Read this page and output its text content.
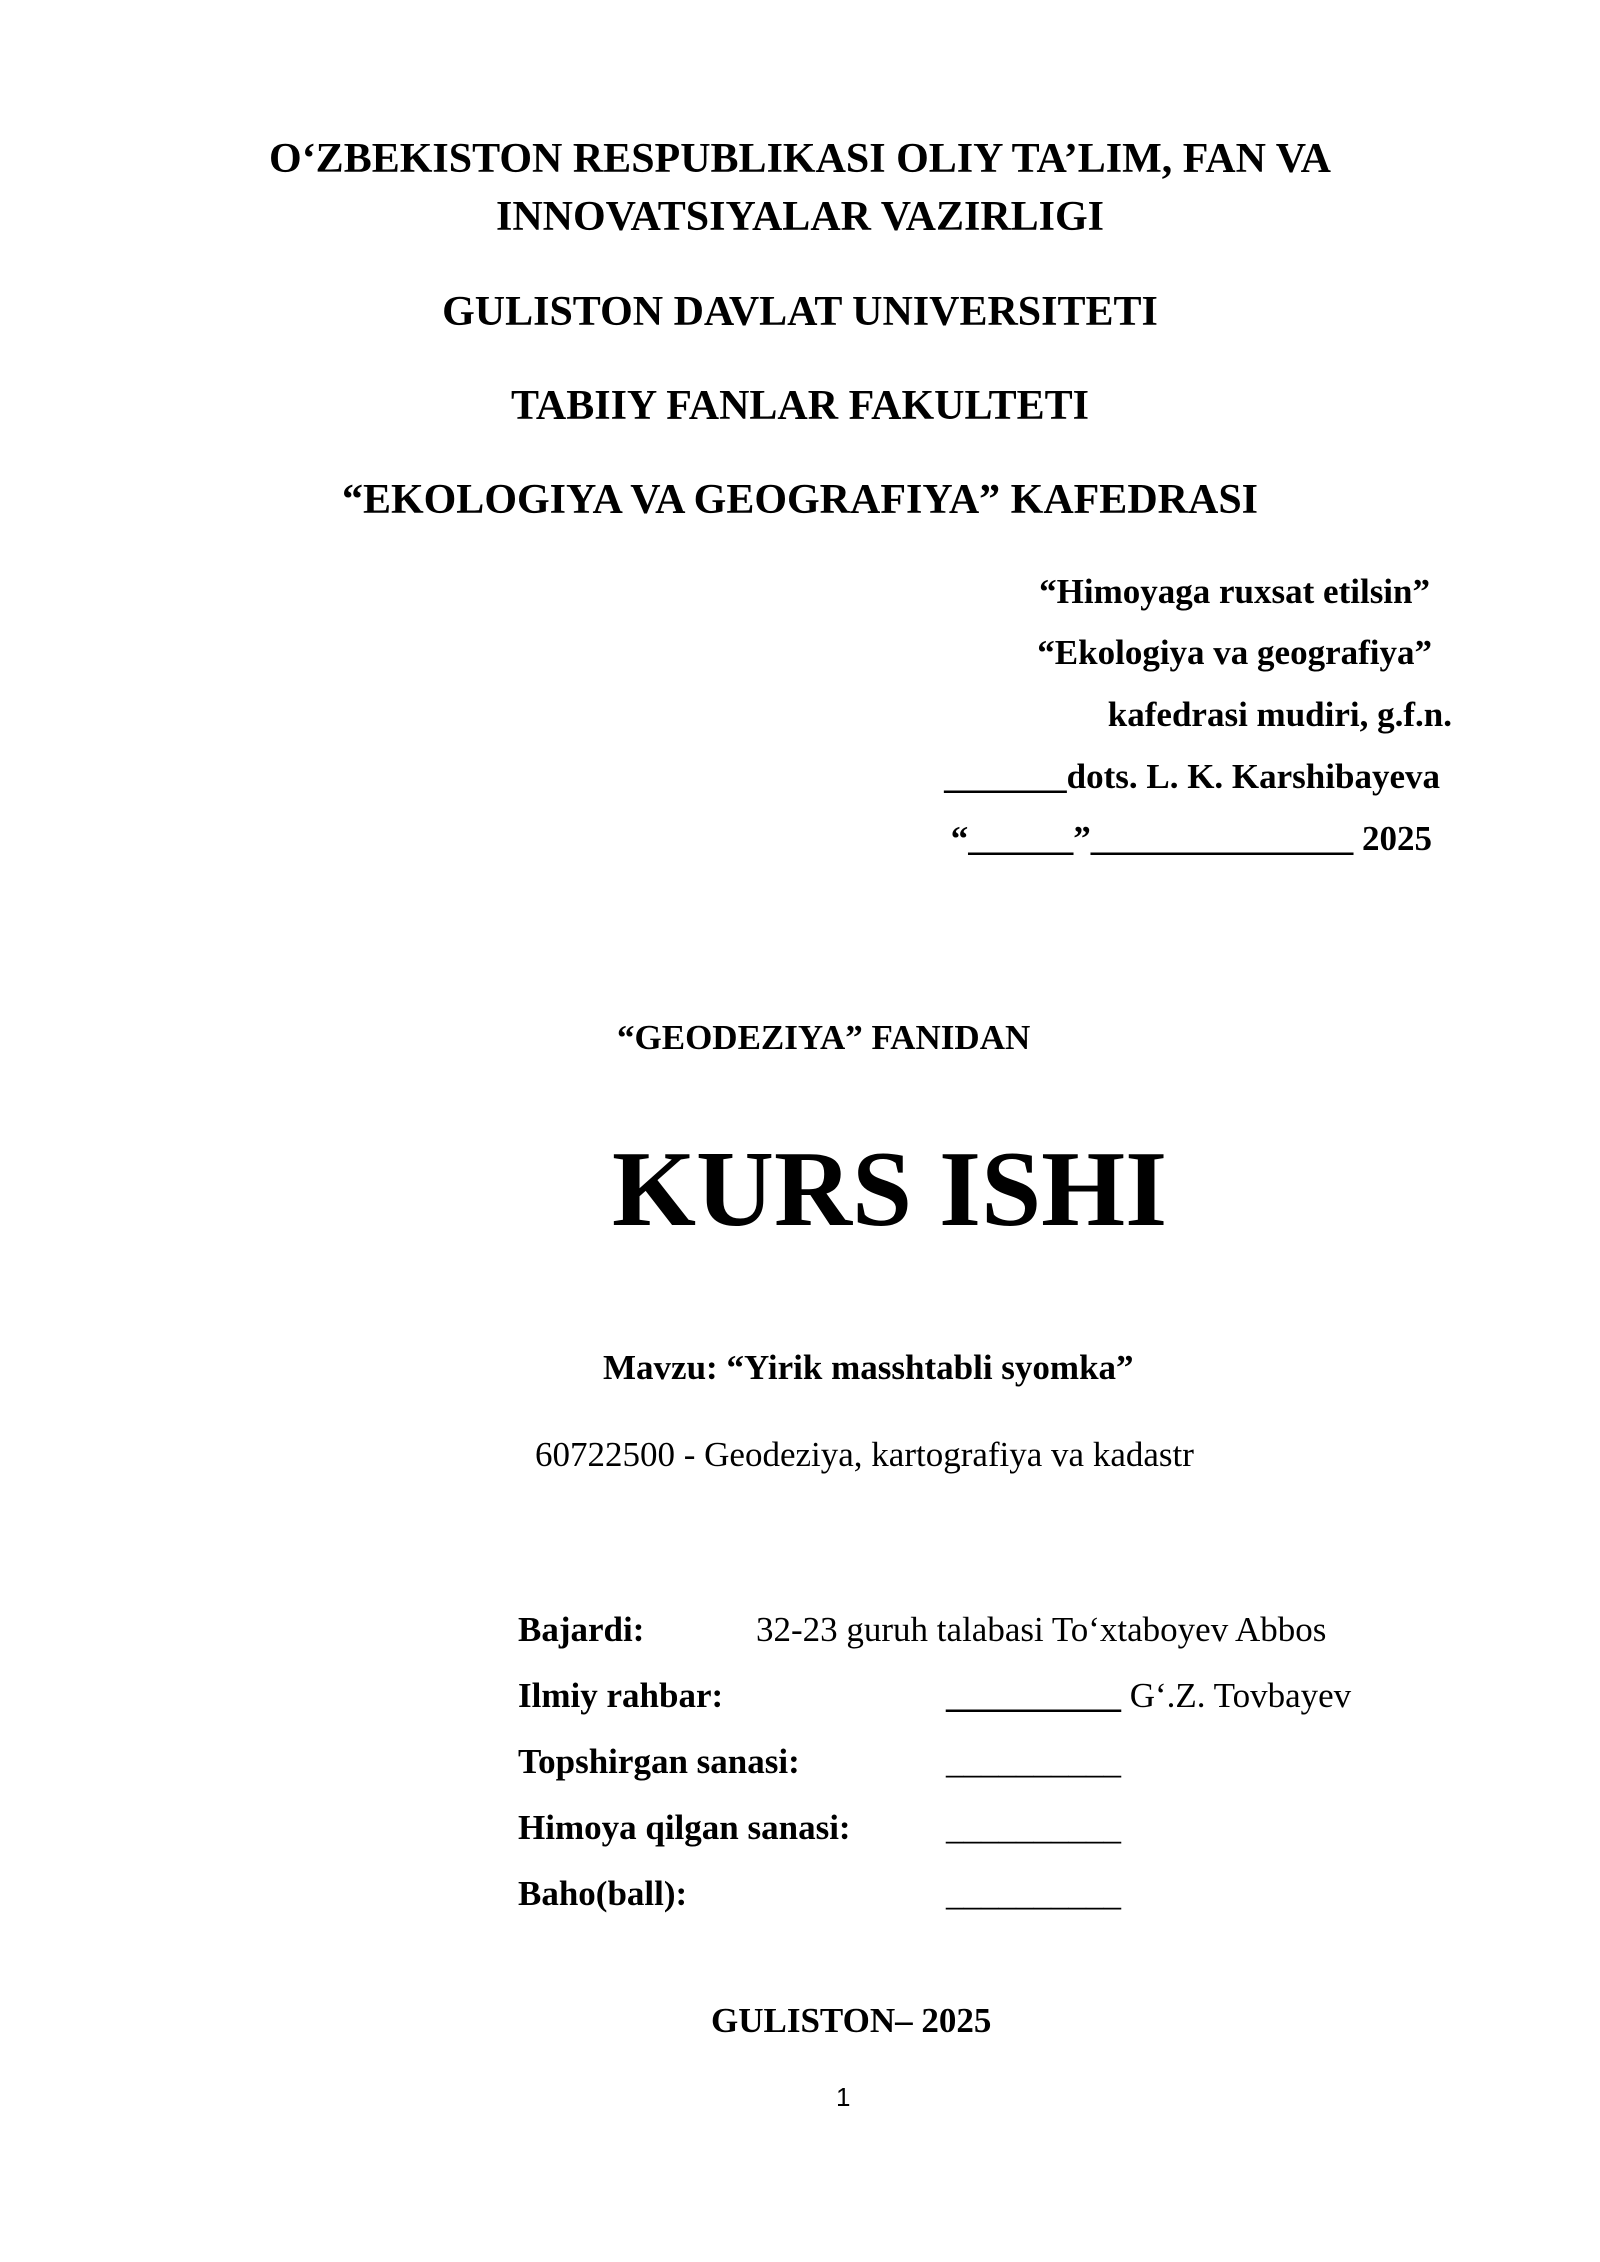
O‘ZBEKISTON RESPUBLIKASI OLIY TA’LIM, FAN VA
INNOVATSIYALAR VAZIRLIGI
GULISTON DAVLAT UNIVERSITETI
TABIIY FANLAR FAKULTETI
“EKOLOGIYA VA GEOGRAFIYA” KAFEDRASI
“Himoyaga ruxsat etilsin”
“Ekologiya va geografiya”
kafedrasi mudiri, g.f.n.
_______dots. L. K. Karshibayeva
“______”_______________ 2025
“GEODEZIYA” FANIDAN
KURS ISHI
Mavzu: “Yirik masshtabli syomka”
60722500 - Geodeziya, kartografiya va kadastr
Bajardi:	32-23 guruh talabasi To‘xtaboyev Abbos
Ilmiy rahbar:	__________ G‘.Z. Tovbayev
Topshirgan sanasi:	__________
Himoya qilgan sanasi:	__________
Baho(ball):	__________
GULISTON– 2025
1
